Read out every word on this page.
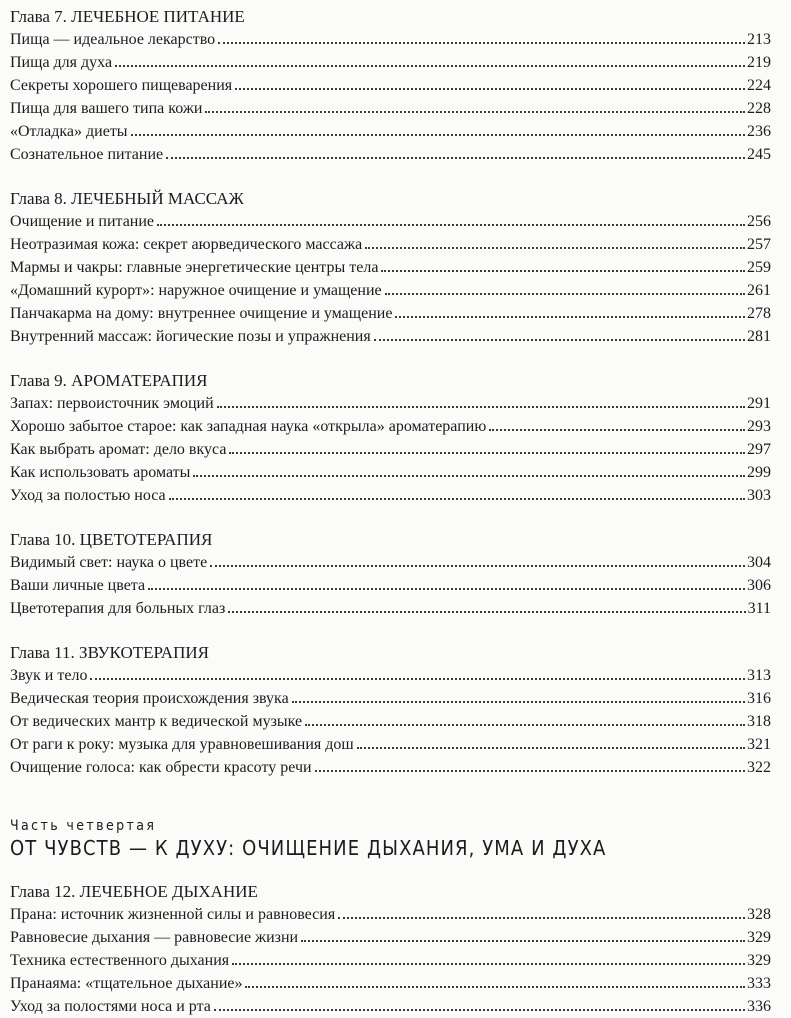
Глава 7. ЛЕЧЕБНОЕ ПИТАНИЕ
Пища — идеальное лекарство	213
Пища для духа	219
Секреты хорошего пищеварения	224
Пища для вашего типа кожи	228
«Отладка» диеты	236
Сознательное питание	245
Глава 8. ЛЕЧЕБНЫЙ МАССАЖ
Очищение и питание	256
Неотразимая кожа: секрет аюрведического массажа	257
Мармы и чакры: главные энергетические центры тела	259
«Домашний курорт»: наружное очищение и умащение	261
Панчакарма на дому: внутреннее очищение и умащение	278
Внутренний массаж: йогические позы и упражнения	281
Глава 9. АРОМАТЕРАПИЯ
Запах: первоисточник эмоций	291
Хорошо забытое старое: как западная наука «открыла» ароматерапию	293
Как выбрать аромат: дело вкуса	297
Как использовать ароматы	299
Уход за полостью носа	303
Глава 10. ЦВЕТОТЕРАПИЯ
Видимый свет: наука о цвете	304
Ваши личные цвета	306
Цветотерапия для больных глаз	311
Глава 11. ЗВУКОТЕРАПИЯ
Звук и тело	313
Ведическая теория происхождения звука	316
От ведических мантр к ведической музыке	318
От раги к року: музыка для уравновешивания дош	321
Очищение голоса: как обрести красоту речи	322
Часть четвертая
ОТ ЧУВСТВ — К ДУХУ: ОЧИЩЕНИЕ ДЫХАНИЯ, УМА И ДУХА
Глава 12. ЛЕЧЕБНОЕ ДЫХАНИЕ
Прана: источник жизненной силы и равновесия	328
Равновесие дыхания — равновесие жизни	329
Техника естественного дыхания	329
Пранаяма: «тщательное дыхание»	333
Уход за полостями носа и рта	336
